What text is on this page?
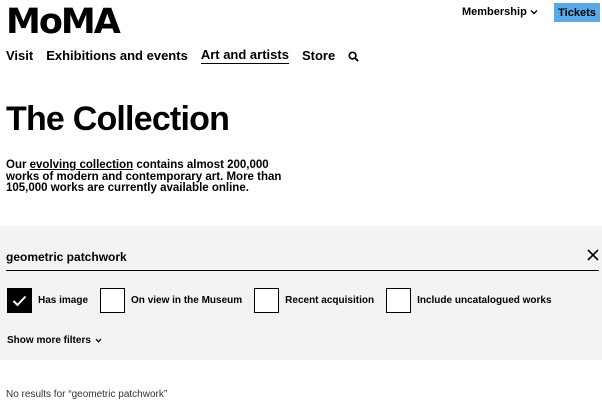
MoMA	Membership	Tickets
Visit Exhibitions and events Art and artists Store
The Collection

Our evolving collection contains almost 200,000 works of modern and contemporary art. More than 105,000 works are currently available online.

geometric patchwork
Has image	On view in the Museum	Recent acquisition	Include uncatalogued works
Show more filters

No results for “geometric patchwork”
